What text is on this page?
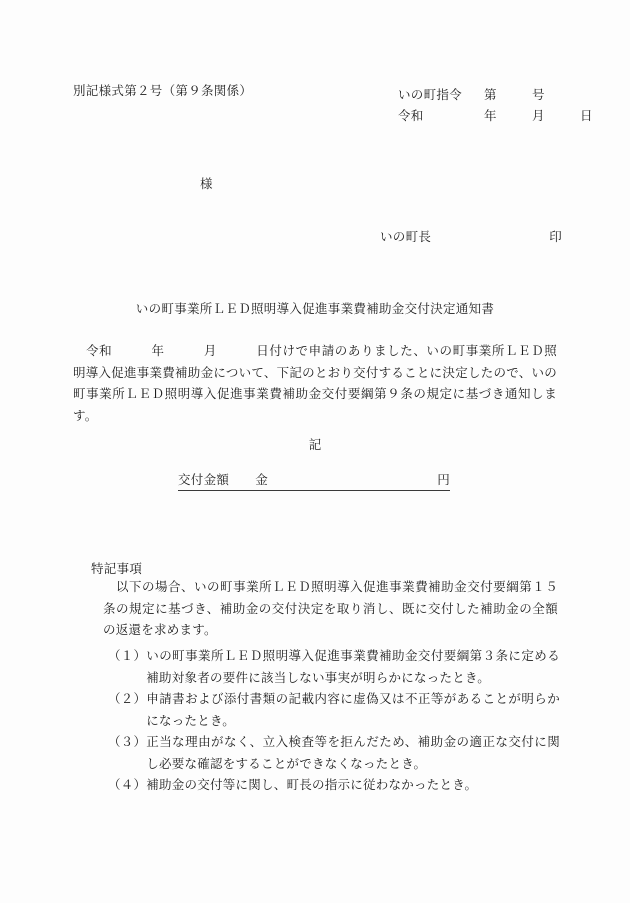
別記様式第２号（第９条関係）	いの町指令	第	号
令和	年	月	日
様
いの町長	印
いの町事業所ＬＥＤ照明導入促進事業費補助金交付決定通知書
　令和　　　年　　　月　　　日付けで申請のありました、いの町事業所ＬＥＤ照明導入促進事業費補助金について、下記のとおり交付することに決定したので、いの町事業所ＬＥＤ照明導入促進事業費補助金交付要綱第９条の規定に基づき通知します。
記
交付金額 金	円
特記事項
　以下の場合、いの町事業所ＬＥＤ照明導入促進事業費補助金交付要綱第１５条の規定に基づき、補助金の交付決定を取り消し、既に交付した補助金の全額の返還を求めます。
（１） いの町事業所ＬＥＤ照明導入促進事業費補助金交付要綱第３条に定める補助対象者の要件に該当しない事実が明らかになったとき。
（２） 申請書および添付書類の記載内容に虚偽又は不正等があることが明らかになったとき。
（３） 正当な理由がなく、立入検査等を拒んだため、補助金の適正な交付に関し必要な確認をすることができなくなったとき。
（４） 補助金の交付等に関し、町長の指示に従わなかったとき。
